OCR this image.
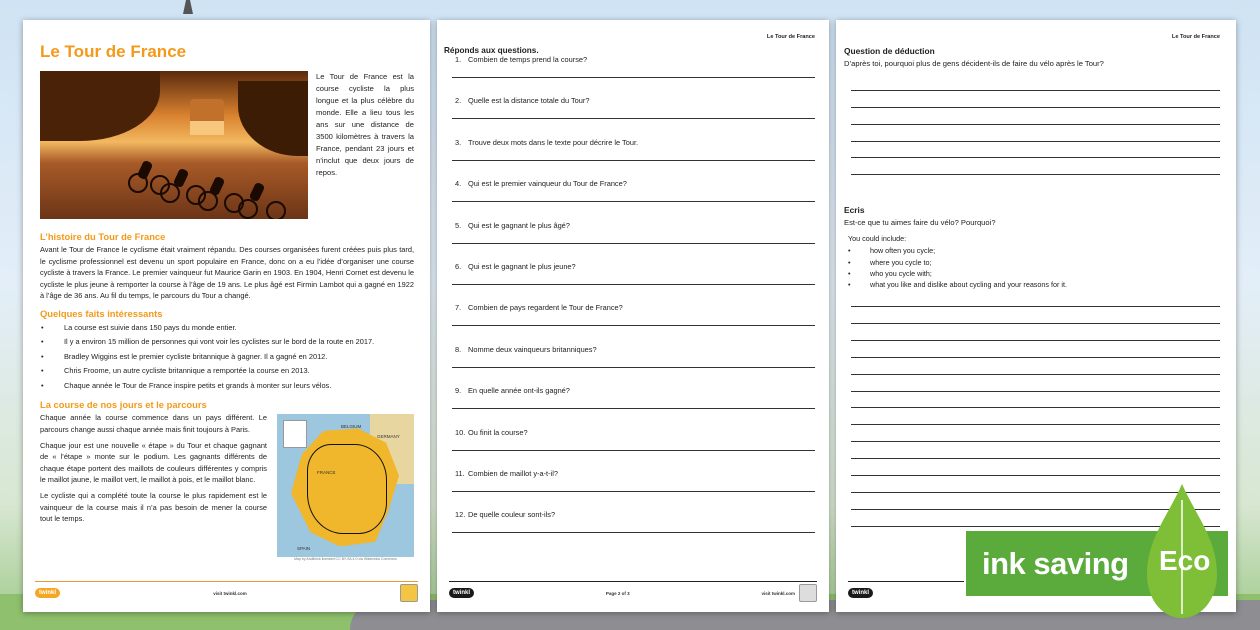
Le Tour de France
Le Tour de France est la course cycliste la plus longue et la plus célèbre du monde. Elle a lieu tous les ans sur une distance de 3500 kilomètres à travers la France, pendant 23 jours et n’inclut que deux jours de repos.
L’histoire du Tour de France

Avant le Tour de France le cyclisme était vraiment répandu. Des courses organisées furent créées puis plus tard, le cyclisme professionnel est devenu un sport populaire en France, donc on a eu l’idée d’organiser une course cycliste à travers la France. Le premier vainqueur fut Maurice Garin en 1903. En 1904, Henri Cornet est devenu le cycliste le plus jeune à remporter la course à l’âge de 19 ans. Le plus âgé est Firmin Lambot qui a gagné en 1922 à l’âge de 36 ans. Au fil du temps, le parcours du Tour a changé.

Quelques faits intéressants
• La course est suivie dans 150 pays du monde entier.
• Il y a environ 15 million de personnes qui vont voir les cyclistes sur le bord de la route en 2017.
• Bradley Wiggins est le premier cycliste britannique à gagner. Il a gagné en 2012.
• Chris Froome, un autre cycliste britannique a remportée la course en 2013.
• Chaque année le Tour de France inspire petits et grands à monter sur leurs vélos.
La course de nos jours et le parcours

Chaque année la course commence dans un pays différent. Le parcours change aussi chaque année mais finit toujours à Paris.

Chaque jour est une nouvelle « étape » du Tour et chaque gagnant de « l’étape » monte sur le podium. Les gagnants différents de chaque étape portent des maillots de couleurs différentes y compris le maillot jaune, le maillot vert, le maillot à pois, et le maillot blanc.

Le cycliste qui a complété toute la course le plus rapidement est le vainqueur de la course mais il n’a pas besoin de mener la course tout le temps.

BELGIUM
GERMANY
FRANCE
SPAIN

Map by Andibrick licensed CC BY-SA 4.0 via Wikimedia Commons

twinkl	visit twinkl.com

Le Tour de France

Réponds aux questions.

1. Combien de temps prend la course?
2. Quelle est la distance totale du Tour?
3. Trouve deux mots dans le texte pour décrire le Tour.
4. Qui est le premier vainqueur du Tour de France?
5. Qui est le gagnant le plus âgé?
6. Qui est le gagnant le plus jeune?
7. Combien de pays regardent le Tour de France?
8. Nomme deux vainqueurs britanniques?
9. En quelle année ont-ils gagné?
10. Ou finit la course?
11. Combien de maillot y-a-t-il?
12. De quelle couleur sont-ils?
twinkl	Page 2 of 3	visit twinkl.com

Le Tour de France

Question de déduction

D’après toi, pourquoi plus de gens décident-ils de faire du vélo après le Tour?

Ecris

Est-ce que tu aimes faire du vélo? Pourquoi?

You could include:

• how often you cycle;
• where you cycle to;
• who you cycle with;
• what you like and dislike about cycling and your reasons for it.
twinkl
ink saving Eco
